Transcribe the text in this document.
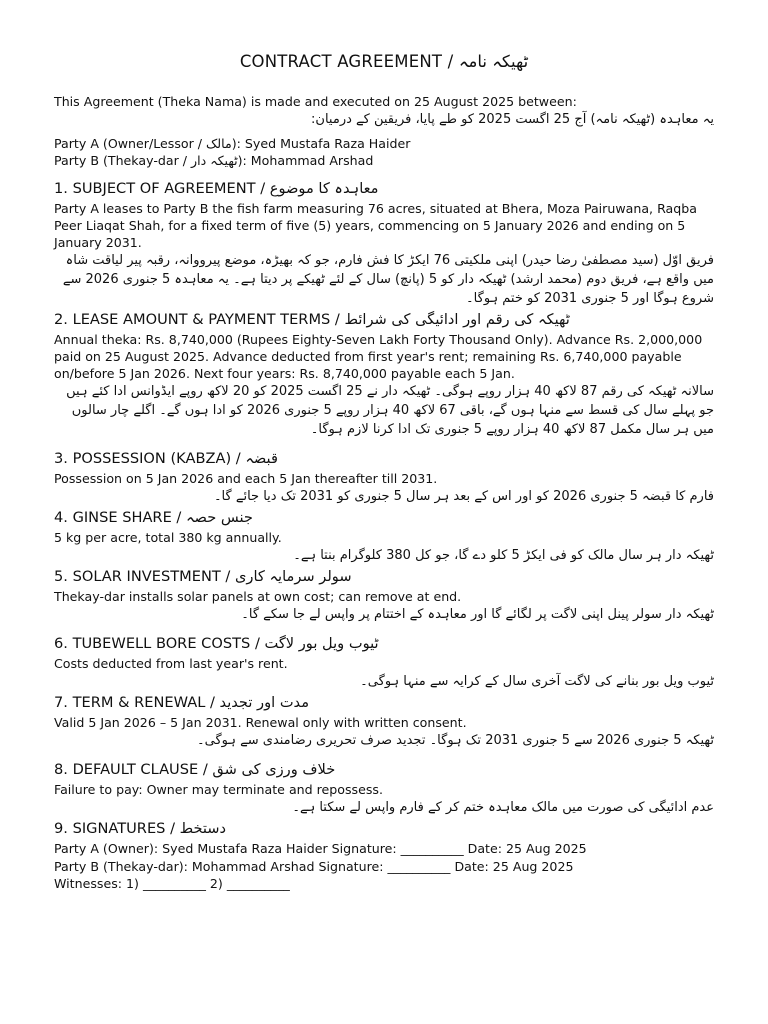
CONTRACT AGREEMENT / ٹھیکہ نامہ

This Agreement (Theka Nama) is made and executed on 25 August 2025 between:

یہ معاہدہ (ٹھیکہ نامہ) آج 25 اگست 2025 کو طے پایا، فریقین کے درمیان:

Party A (Owner/Lessor / مالک): Syed Mustafa Raza Haider

Party B (Thekay-dar / ٹھیکہ دار): Mohammad Arshad

1. SUBJECT OF AGREEMENT / معاہدہ کا موضوع

Party A leases to Party B the fish farm measuring 76 acres, situated at Bhera, Moza Pairuwana, Raqba Peer Liaqat Shah, for a fixed term of five (5) years, commencing on 5 January 2026 and ending on 5 January 2031.

فریق اوّل (سید مصطفیٰ رضا حیدر) اپنی ملکیتی 76 ایکڑ کا فش فارم، جو کہ بھیڑہ، موضع پیرووانہ، رقبہ پیر لیاقت شاہ میں واقع ہے، فریق دوم (محمد ارشد) ٹھیکہ دار کو 5 (پانچ) سال کے لئے ٹھیکے پر دیتا ہے۔ یہ معاہدہ 5 جنوری 2026 سے شروع ہوگا اور 5 جنوری 2031 کو ختم ہوگا۔

2. LEASE AMOUNT & PAYMENT TERMS / ٹھیکہ کی رقم اور ادائیگی کی شرائط

Annual theka: Rs. 8,740,000 (Rupees Eighty-Seven Lakh Forty Thousand Only). Advance Rs. 2,000,000 paid on 25 August 2025. Advance deducted from first year's rent; remaining Rs. 6,740,000 payable on/before 5 Jan 2026. Next four years: Rs. 8,740,000 payable each 5 Jan.

سالانہ ٹھیکہ کی رقم 87 لاکھ 40 ہزار روپے ہوگی۔ ٹھیکہ دار نے 25 اگست 2025 کو 20 لاکھ روپے ایڈوانس ادا کئے ہیں جو پہلے سال کی قسط سے منہا ہوں گے، باقی 67 لاکھ 40 ہزار روپے 5 جنوری 2026 کو ادا ہوں گے۔ اگلے چار سالوں میں ہر سال مکمل 87 لاکھ 40 ہزار روپے 5 جنوری تک ادا کرنا لازم ہوگا۔

3. POSSESSION (KABZA) / قبضہ

Possession on 5 Jan 2026 and each 5 Jan thereafter till 2031.

فارم کا قبضہ 5 جنوری 2026 کو اور اس کے بعد ہر سال 5 جنوری کو 2031 تک دیا جائے گا۔

4. GINSE SHARE / جنس حصہ

5 kg per acre, total 380 kg annually.

ٹھیکہ دار ہر سال مالک کو فی ایکڑ 5 کلو دے گا، جو کل 380 کلوگرام بنتا ہے۔

5. SOLAR INVESTMENT / سولر سرمایہ کاری

Thekay-dar installs solar panels at own cost; can remove at end.

ٹھیکہ دار سولر پینل اپنی لاگت پر لگائے گا اور معاہدہ کے اختتام پر واپس لے جا سکے گا۔

6. TUBEWELL BORE COSTS / ٹیوب ویل بور لاگت

Costs deducted from last year's rent.

ٹیوب ویل بور بنانے کی لاگت آخری سال کے کرایہ سے منہا ہوگی۔

7. TERM & RENEWAL / مدت اور تجدید

Valid 5 Jan 2026 – 5 Jan 2031. Renewal only with written consent.

ٹھیکہ 5 جنوری 2026 سے 5 جنوری 2031 تک ہوگا۔ تجدید صرف تحریری رضامندی سے ہوگی۔

8. DEFAULT CLAUSE / خلاف ورزی کی شق

Failure to pay: Owner may terminate and repossess.

عدم ادائیگی کی صورت میں مالک معاہدہ ختم کر کے فارم واپس لے سکتا ہے۔

9. SIGNATURES / دستخط

Party A (Owner): Syed Mustafa Raza Haider Signature: __________ Date: 25 Aug 2025

Party B (Thekay-dar): Mohammad Arshad Signature: __________ Date: 25 Aug 2025

Witnesses: 1) __________ 2) __________
